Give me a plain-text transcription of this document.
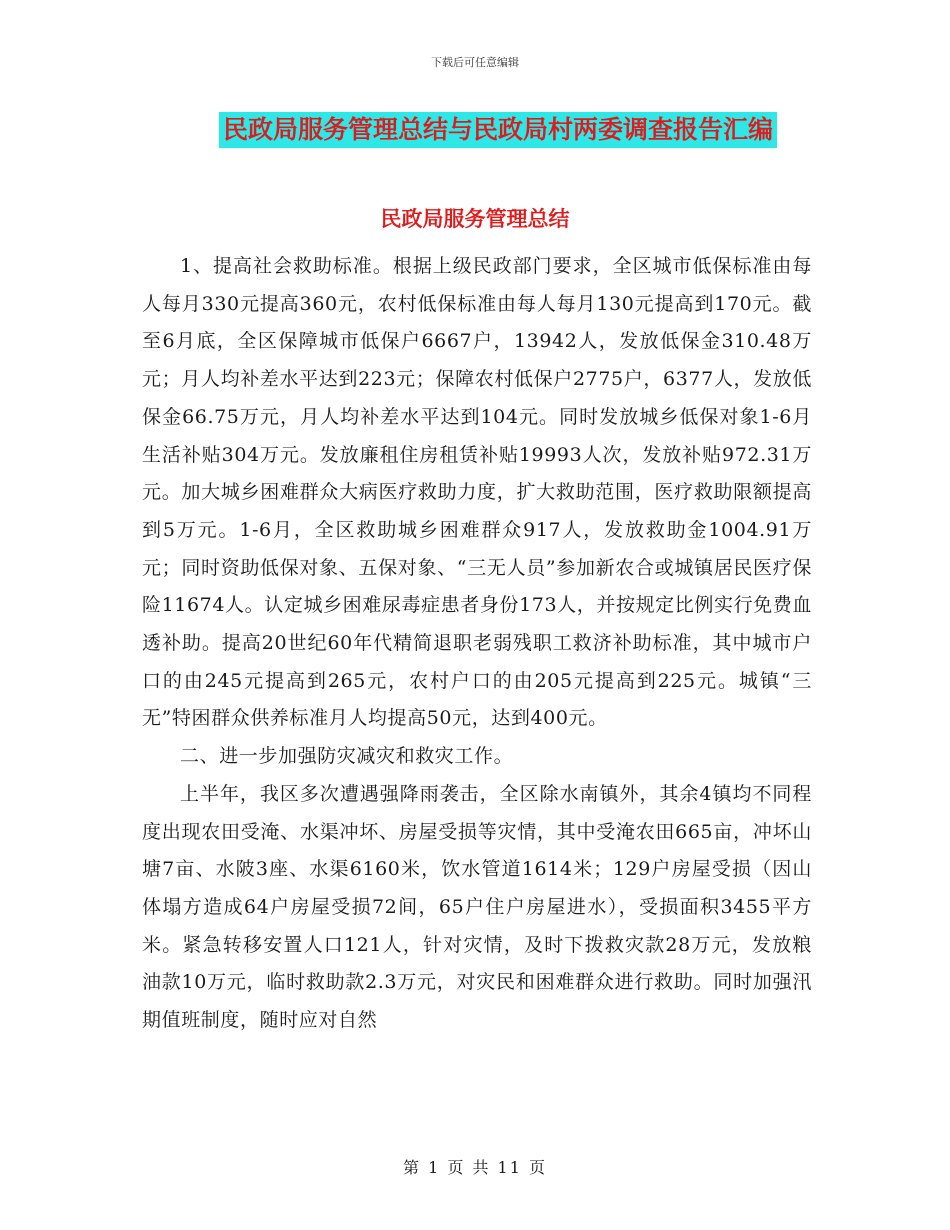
下载后可任意编辑
民政局服务管理总结与民政局村两委调查报告汇编
民政局服务管理总结

1、提高社会救助标准。根据上级民政部门要求，全区城市低保标准由每人每月330元提高360元，农村低保标准由每人每月130元提高到170元。截至6月底，全区保障城市低保户6667户，13942人，发放低保金310.48万元；月人均补差水平达到223元；保障农村低保户2775户，6377人，发放低保金66.75万元，月人均补差水平达到104元。同时发放城乡低保对象1-6月生活补贴304万元。发放廉租住房租赁补贴19993人次，发放补贴972.31万元。加大城乡困难群众大病医疗救助力度，扩大救助范围，医疗救助限额提高到5万元。1-6月，全区救助城乡困难群众917人，发放救助金1004.91万元；同时资助低保对象、五保对象、“三无人员”参加新农合或城镇居民医疗保险11674人。认定城乡困难尿毒症患者身份173人，并按规定比例实行免费血透补助。提高20世纪60年代精简退职老弱残职工救济补助标准，其中城市户口的由245元提高到265元，农村户口的由205元提高到225元。城镇“三无”特困群众供养标准月人均提高50元，达到400元。

二、进一步加强防灾减灾和救灾工作。

上半年，我区多次遭遇强降雨袭击，全区除水南镇外，其余4镇均不同程度出现农田受淹、水渠冲坏、房屋受损等灾情，其中受淹农田665亩，冲坏山塘7亩、水陂3座、水渠6160米，饮水管道1614米；129户房屋受损（因山体塌方造成64户房屋受损72间，65户住户房屋进水），受损面积3455平方米。紧急转移安置人口121人，针对灾情，及时下拨救灾款28万元，发放粮油款10万元，临时救助款2.3万元，对灾民和困难群众进行救助。同时加强汛期值班制度，随时应对自然

第 1 页 共 11 页
